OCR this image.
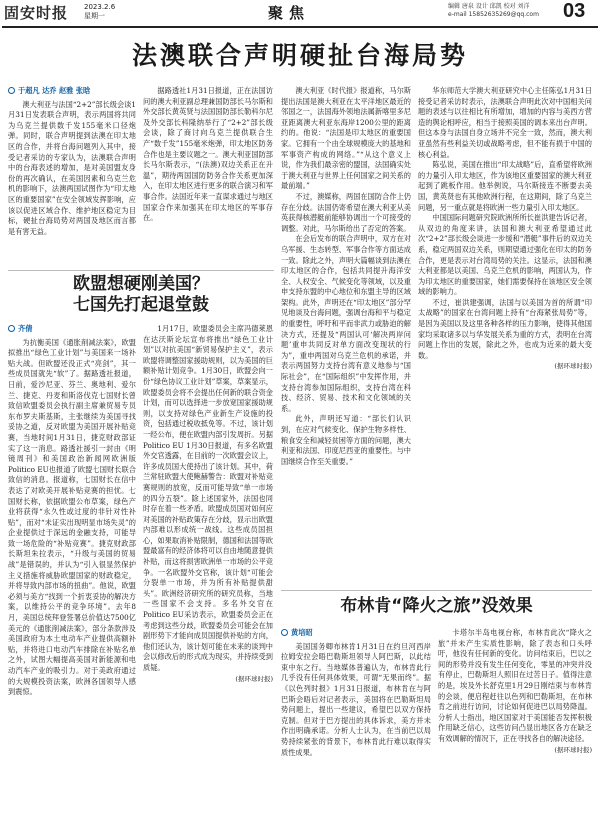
固安时报 2023.2.6
星期一	聚焦	编辑 唐泉 设计 邱凯 校对 刘洋
e-mail 15852635269@qq.com 03
法澳联合声明硬扯台海局势
于超凡 达乔 赵雅 张晗

澳大利亚与法国“2+2”部长级会谈1月31日发表联合声明，表示两国将共同为乌克兰提供数千发155毫米口径炮弹。同时，联合声明提到法澳在印太地区的合作，并将台海问题列入其中，接受记者采访的专家认为，法澳联合声明中的台海表述的增加，是对美国盟友身份的再次确认，在美国因素和乌克兰危机的影响下，法澳两国试图作为“印太地区的重要国家”在安全领域发挥影响，应该以促进区域合作、维护地区稳定为目标，硬扯台海局势对两国及地区而言都是有害无益。

据路透社1月31日报道，正在法国访问的澳大利亚副总理兼国防部长马尔斯和外交部长黄英贤与法国国防部长勒科尔尼及外交部长科隆纳举行了“2+2”部长级会谈，除了商讨向乌克兰提供联合生产“数千发”155毫米炮弹，印太地区防务合作也是主要议题之一。澳大利亚国防部长马尔斯表示，“(法澳)双边关系正在升温”，期待两国国防防务合作关系更加深入，在印太地区进行更多的联合演习和军事合作。法国近年来一直谋求通过与地区国家合作来加强其在印太地区的军事存在。

澳大利亚《时代报》报道称，马尔斯提出法国是澳大利亚在太平洋地区最近的邻国之一，法国海外领地法属新喀里多尼亚距离澳大利亚东海岸1200公里的距离约的。他说：“法国是印太地区的重要国家。它拥有一个由全球规模庞大的基地和军事资产构成的网络。”“从这个意义上说，作为我们最亲密的盟国，法国确实处于澳大利亚与世界上任何国家之间关系的最前端。”

不过，澳媒称，两国在国防合作上仍存在分歧。法国仍寄希望在澳大利亚从美英获得核潜艇前能够协调出一个可接受的调整。对此，马尔斯给出了否定的答案。

在会后发布的联合声明中，双方在对乌军援、生态转型、军事合作等方面达成一致。除此之外，声明大篇幅谈到法澳在印太地区的合作，包括共同提升海洋安全、人权安全、气候变化等领域，以及重申支持东盟的中心地位和东盟主导的区域架构。此外，声明还在“印太地区”部分罕见地谈及台海问题，强调台海和平与稳定的重要性，呼吁和平而非武力或胁迫的解决方式，还提及“两国认可‘解决两岸问题’重申共同反对单方面改变现状的行为”，重申两国对乌克兰危机的承诺，并表示两国努力支持台湾有意义地参与“国际社会”，在“国际组织”中发挥作用，并支持台湾参加国际组织，支持台湾在科技、经济、贸易、技术和文化领域的关系。

此外，声明还写道：“部长们认识到，在应对气候变化、保护生物多样性、粮食安全和减轻贫困等方面的问题，澳大利亚和法国、印度尼西亚的重要性。与中国继续合作至关重要。”

华东师范大学澳大利亚研究中心主任陈弘1月31日接受记者采访时表示，法澳联合声明此次对中国相关问题的表述与以往相比有所增加，增加的内容与美西方营造的舆论相呼应，相当于接照美国的调本来出台声明。但这本身与法国自身立场并不完全一致，然而，澳大利亚虽然有些利益关切或战略考虑，但不能有损于中国的核心利益。

陈弘说，美国在推出“印太战略”后，直希望将欧洲的力量引入印太地区，作为该地区重要国家的澳大利亚起到了跳板作用。他举例说，马尔斯接连不断要去美国，黄英贤也有其他欧洲行程，在这期间，除了乌克兰问题，另一重点就是将欧洲一些力量引入印太地区。

中国国际问题研究院欧洲所所长崔洪建告诉记者，从双边的角度来讲，法国和澳大利亚希望通过此次“2+2”部长级会谈进一步缓和“潜艇”事件后的双边关系，稳定两国双边关系，则期望通过强化在印太的防务合作，更是表示对台湾局势的关注。这显示，法国和澳大利亚都是以美国、乌克兰危机的影响，两国认为，作为印太地区的重要国家，她们需要保持在该地区安全领域的影响力。

不过，崔洪建强调，法国与以美国为首的所谓“印太战略”的国家在台湾问题上持有“台海紧张局势”等，是因为美国以及这里各种各样的压力影响，使得其他国家均采取诸多以与华发展关系为重的方式，表明在台湾问题上作出的发展，除此之外，也成为近来的最大变数。

(据环球时报)
欧盟想硬刚美国？
七国先打起退堂鼓
齐倩

为抗衡美国《通胀削减法案》，欧盟拟推出“绿色工业计划”与美国来一场补贴大战。但欧盟还没正式“亮剑”，其一些成员国就先“软”了。据路透社报道，日前，爱沙尼亚、芬兰、奥地利、爱尔兰、捷克、丹麦和斯洛伐克七国财长曾致信欧盟委员会执行副主席兼贸易专员东布罗夫斯基斯，主张继续为美国寻找妥协之道，反对欧盟为美国开展补贴竞赛，当地时间1月31日，捷克财政部证实了这一消息。路透社援引一封由《明镜周刊》和美国政治新闻网欧洲版Politico EU也报道了欧盟七国财长联合致信的消息。报道称，七国财长在信中表达了对欧美开展补贴竞赛的担忧。七国财长称，依据欧盟公布草案，绿色产业将获得“永久性或过度的非针对性补贴”，而对“未证实出现明显市场失灵”的企业提供过于深远的金融支持，可能导致一场危险的“补贴竞赛”。捷克财政部长斯坦朱拉表示，“升级与美国的贸易战”是错误的，并认为“引入很显然保护主义措施将威胁欧盟国家的财政稳定，并将导致内部市场的扭曲”。他说，欧盟必须与美方“找到一个折衷妥协的解决方案，以维持公平的竞争环境”。去年8月，美国总统拜登签署总价值达7500亿美元的《通胀削减法案》，部分条款涉及美国政府为本土电动车产业提供高额补贴，并将进口电动汽车排除在补贴名单之外，试图大幅提高美国对新能源和电动汽车产业的吸引力。对于美政府通过的大规模投资法案，欧洲各国领导人感到震惊。

1月17日，欧盟委员会主席冯德莱恩在达沃斯论坛宣布将推出“绿色工业计划”以对抗美国“新贸易保护主义”，表示欧盟将调整国家援助规则，以为美国的巨额补贴计划竞争。1月30日，欧盟会向一份“绿色协议工业计划”草案，草案显示，欧盟委员会将不会提出任何新的联合资金计划，而可以选择进一步放宽国家援助规则，以支持对绿色产业新生产设施的投资，包括通过税收抵免等。不过，该计划一经公布，便在欧盟内部引发周折。另据Politico EU 1月30日报道，有多名欧盟外交官透露，在目前的一次欧盟会议上，许多成员国大使持出了该计划。其中，荷兰常驻欧盟大使鲍赫警告：欧盟对补贴竞赛规则的放宽，反而可能导致“单一市场的四分五裂”。除上述国家外，法国也同时存在着一些矛盾。欧盟成员国对如何应对美国的补贴政策存在分歧，显示出欧盟内部难以形成统一战线。这些成员国担心，如果取消补贴限制，德国和法国等欧盟最富有的经济体将可以自由地随意提供补贴，而这将损害欧洲单一市场的公平竞争。一名欧盟外交官称，该计划“可能会分裂单一市场，并为所有补贴提供甜头”。欧洲经济研究所的研究员称，当地一些国家不会支持。多名外交官在Politico EU采访表示，欧盟委员会正在考虑到这些分歧，欧盟委员会可能会在加剧形势下才能向成员国提供补贴的方向，他们还认为，该计划可能在未来的谈判中会以修改后的形式成为现实，并持续受到质疑。

(据环球时报)
布林肯“降火之旅”没效果
黄培昭

美国国务卿布林肯1月31日在约旦河西岸拉姆安拉会晤巴勒斯坦领导人阿巴斯，以此结束中东之行。当地媒体普遍认为，布林肯此行几乎没有任何具体效果，可谓“无果而终”。据《以色列时报》1月31日报道，布林肯在与阿巴斯会晤后对记者表示，美国将在巴勒斯坦局势问题上，提出一些建议，希望巴以双方保持克制。但对于巴方提出的具体诉求，美方并未作出明确承诺。分析人士认为，在当前巴以局势持续紧张的背景下，布林肯此行难以取得实质性成果。

卡塔尔半岛电视台称，布林肯此次“降火之旅”并未产生实质性影响，除了表态和口头呼吁，他没有任何新的变化。访问结束后，巴以之间的形势并没有发生任何变化，零星的冲突并没有停止，巴勒斯坦人照旧在过苦日子。值得注意的是，埃及外长舒克里1月29日刚结束与布林肯的会谈，便启程赶往以色列和巴勒斯坦，在布林肯之前进行访问，讨论如何促进巴以局势降温。分析人士指出，地区国家对于美国能否发挥积极作用缺乏信心，这些访问凸显出地区各方在缺乏有效调解的情况下，正在寻找各自的解决途径。

(据环球时报)
